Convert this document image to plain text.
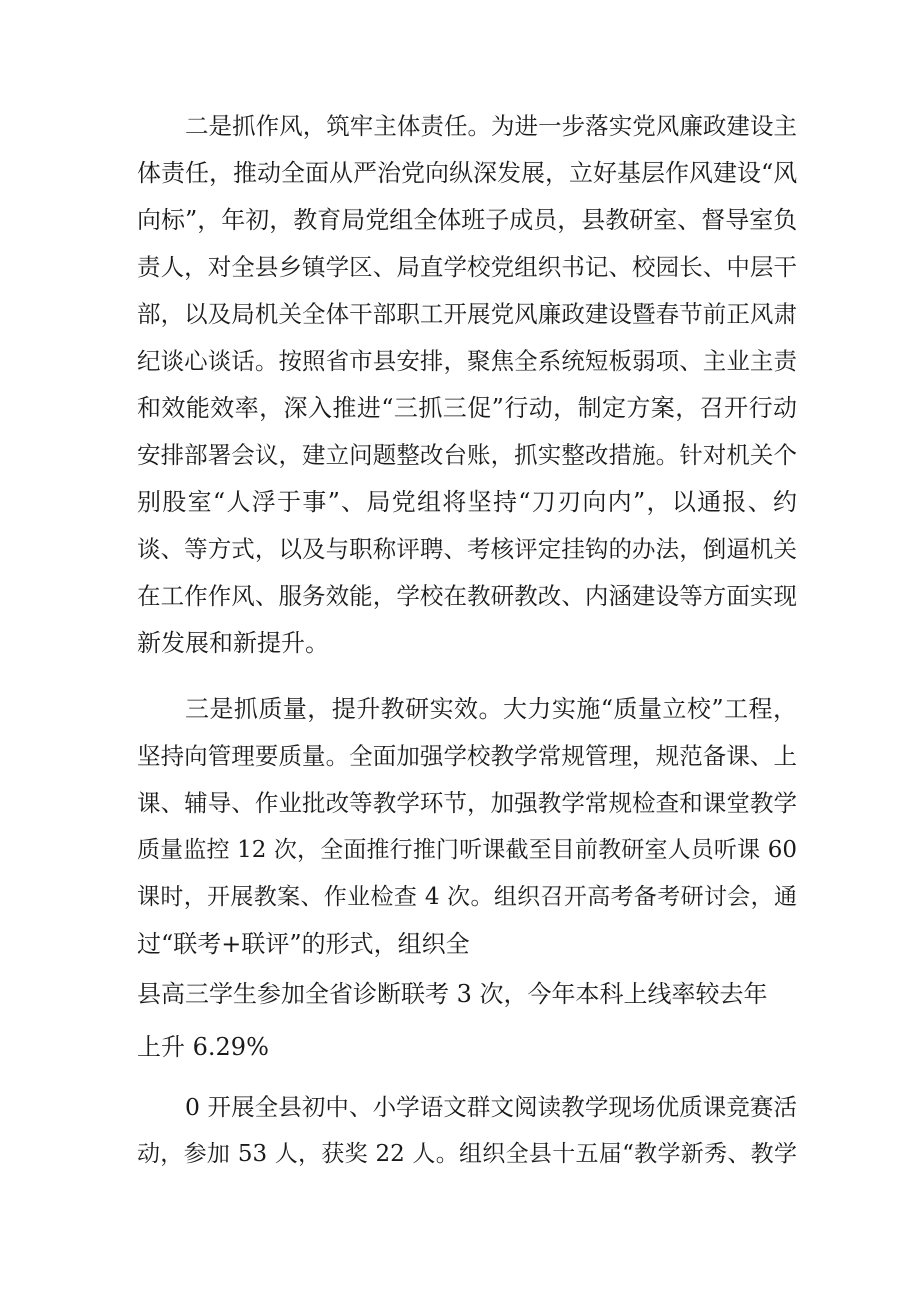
二是抓作风，筑牢主体责任。为进一步落实党风廉政建设主
体责任，推动全面从严治党向纵深发展，立好基层作风建设“风
向标”，年初，教育局党组全体班子成员，县教研室、督导室负
责人，对全县乡镇学区、局直学校党组织书记、校园长、中层干
部，以及局机关全体干部职工开展党风廉政建设暨春节前正风肃
纪谈心谈话。按照省市县安排，聚焦全系统短板弱项、主业主责
和效能效率，深入推进“三抓三促”行动，制定方案，召开行动
安排部署会议，建立问题整改台账，抓实整改措施。针对机关个
别股室“人浮于事”、局党组将坚持“刀刃向内”，以通报、约
谈、等方式，以及与职称评聘、考核评定挂钩的办法，倒逼机关
在工作作风、服务效能，学校在教研教改、内涵建设等方面实现
新发展和新提升。
三是抓质量，提升教研实效。大力实施“质量立校”工程，
坚持向管理要质量。全面加强学校教学常规管理，规范备课、上
课、辅导、作业批改等教学环节，加强教学常规检查和课堂教学
质量监控 12 次，全面推行推门听课截至目前教研室人员听课 60
课时，开展教案、作业检查 4 次。组织召开高考备考研讨会，通
过“联考+联评”的形式，组织全
县高三学生参加全省诊断联考 3 次，今年本科上线率较去年
上升 6.29%
0 开展全县初中、小学语文群文阅读教学现场优质课竞赛活
动，参加 53 人，获奖 22 人。组织全县十五届“教学新秀、教学
